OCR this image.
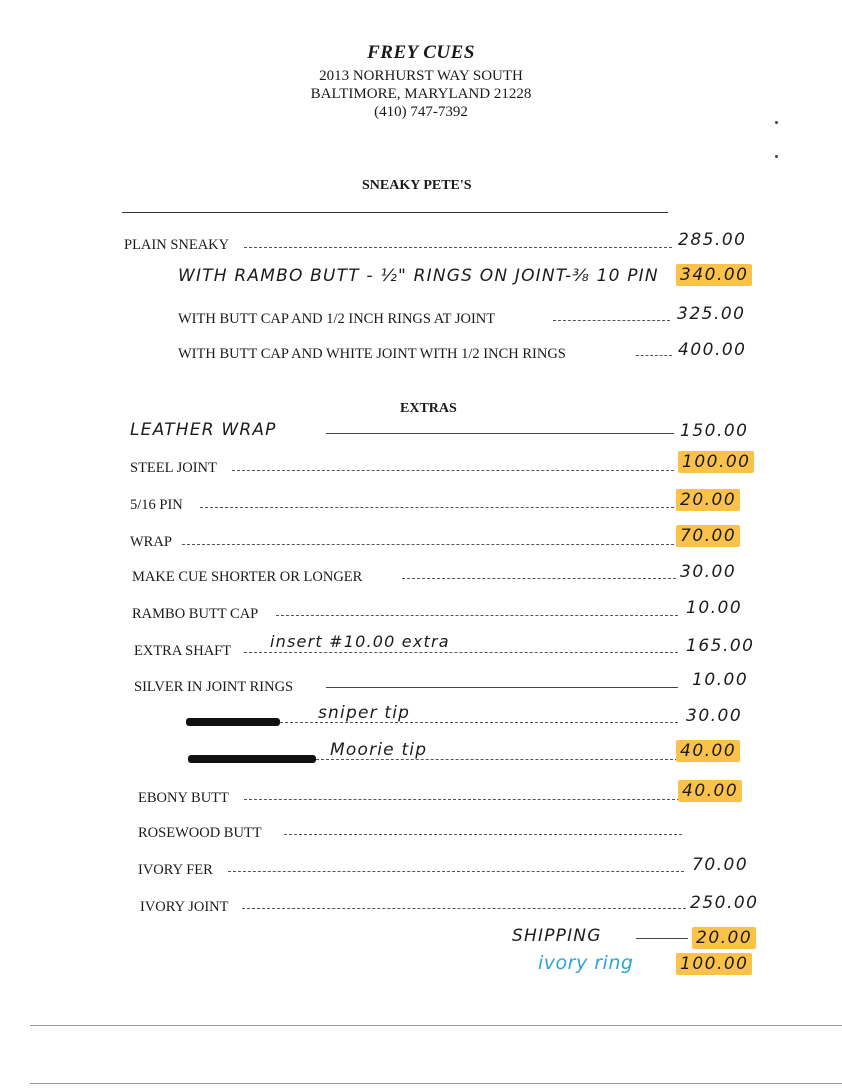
FREY CUES
2013 NORHURST WAY SOUTH
BALTIMORE, MARYLAND 21228
(410) 747-7392
SNEAKY PETE'S
PLAIN SNEAKY	285.00
WITH RAMBO BUTT - ½" RINGS ON JOINT-⅜ 10 PIN 340.00
WITH BUTT CAP AND 1/2 INCH RINGS AT JOINT	325.00
WITH BUTT CAP AND WHITE JOINT WITH 1/2 INCH RINGS	400.00
EXTRAS
LEATHER WRAP	150.00
STEEL JOINT	100.00
5/16 PIN	20.00
WRAP	70.00
MAKE CUE SHORTER OR LONGER	30.00
RAMBO BUTT CAP	10.00
EXTRA SHAFT insert #10.00 extra	165.00
SILVER IN JOINT RINGS	10.00
sniper tip	30.00
Moorie tip	40.00
EBONY BUTT	40.00
ROSEWOOD BUTT
IVORY FER	70.00
IVORY JOINT	250.00
SHIPPING	20.00
ivory ring	100.00
